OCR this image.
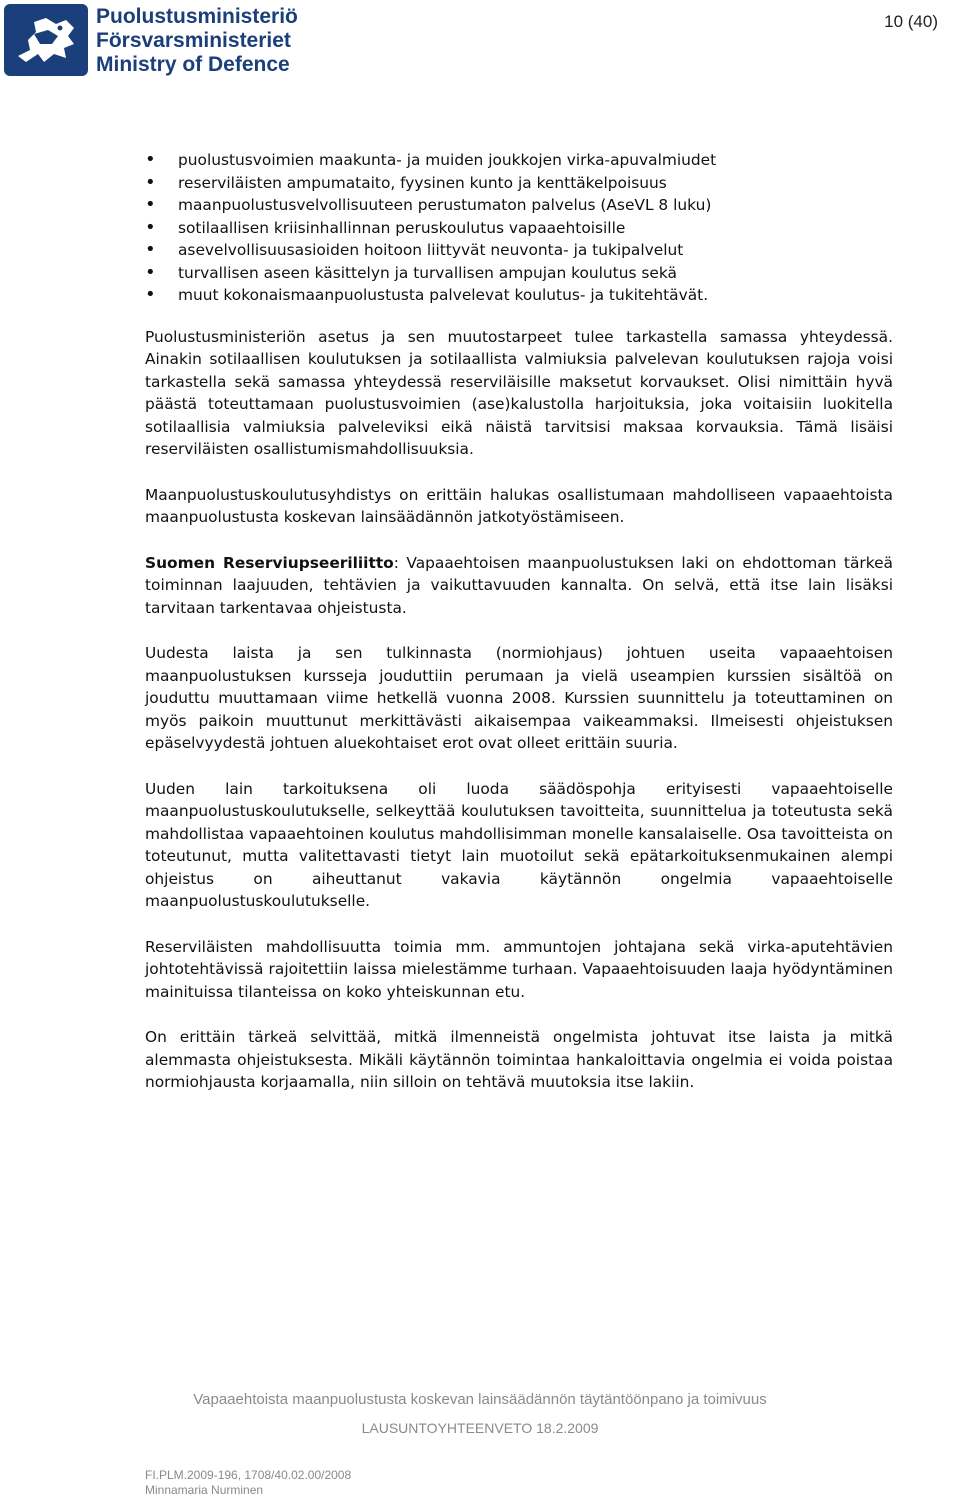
Puolustusministeriö
Försvarsministeriet
Ministry of Defence
10 (40)
• puolustusvoimien maakunta- ja muiden joukkojen virka-apuvalmiudet
• reserviläisten ampumataito, fyysinen kunto ja kenttäkelpoisuus
• maanpuolustusvelvollisuuteen perustumaton palvelus (AseVL 8 luku)
• sotilaallisen kriisinhallinnan peruskoulutus vapaaehtoisille
• asevelvollisuusasioiden hoitoon liittyvät neuvonta- ja tukipalvelut
• turvallisen aseen käsittelyn ja turvallisen ampujan koulutus sekä
• muut kokonaismaanpuolustusta palvelevat koulutus- ja tukitehtävät.

Puolustusministeriön asetus ja sen muutostarpeet tulee tarkastella samassa yhteydessä. Ainakin sotilaallisen koulutuksen ja sotilaallista valmiuksia palvelevan koulutuksen rajoja voisi tarkastella sekä samassa yhteydessä reserviläisille maksetut korvaukset. Olisi nimittäin hyvä päästä toteuttamaan puolustusvoimien (ase)kalustolla harjoituksia, joka voitaisiin luokitella sotilaallisia valmiuksia palveleviksi eikä näistä tarvitsisi maksaa korvauksia. Tämä lisäisi reserviläisten osallistumismahdollisuuksia.

Maanpuolustuskoulutusyhdistys on erittäin halukas osallistumaan mahdolliseen vapaaehtoista maanpuolustusta koskevan lainsäädännön jatkotyöstämiseen.

Suomen Reserviupseeriliitto: Vapaaehtoisen maanpuolustuksen laki on ehdottoman tärkeä toiminnan laajuuden, tehtävien ja vaikuttavuuden kannalta. On selvä, että itse lain lisäksi tarvitaan tarkentavaa ohjeistusta.

Uudesta laista ja sen tulkinnasta (normiohjaus) johtuen useita vapaaehtoisen maanpuolustuksen kursseja jouduttiin perumaan ja vielä useampien kurssien sisältöä on jouduttu muuttamaan viime hetkellä vuonna 2008. Kurssien suunnittelu ja toteuttaminen on myös paikoin muuttunut merkittävästi aikaisempaa vaikeammaksi. Ilmeisesti ohjeistuksen epäselvyydestä johtuen aluekohtaiset erot ovat olleet erittäin suuria.

Uuden lain tarkoituksena oli luoda säädöspohja erityisesti vapaaehtoiselle maanpuolustuskoulutukselle, selkeyttää koulutuksen tavoitteita, suunnittelua ja toteutusta sekä mahdollistaa vapaaehtoinen koulutus mahdollisimman monelle kansalaiselle. Osa tavoitteista on toteutunut, mutta valitettavasti tietyt lain muotoilut sekä epätarkoituksenmukainen alempi ohjeistus on aiheuttanut vakavia käytännön ongelmia vapaaehtoiselle maanpuolustuskoulutukselle.

Reserviläisten mahdollisuutta toimia mm. ammuntojen johtajana sekä virka-aputehtävien johtotehtävissä rajoitettiin laissa mielestämme turhaan. Vapaaehtoisuuden laaja hyödyntäminen mainituissa tilanteissa on koko yhteiskunnan etu.

On erittäin tärkeä selvittää, mitkä ilmenneistä ongelmista johtuvat itse laista ja mitkä alemmasta ohjeistuksesta. Mikäli käytännön toimintaa hankaloittavia ongelmia ei voida poistaa normiohjausta korjaamalla, niin silloin on tehtävä muutoksia itse lakiin.

Vapaaehtoista maanpuolustusta koskevan lainsäädännön täytäntöönpano ja toimivuus
LAUSUNTOYHTEENVETO 18.2.2009
FI.PLM.2009-196, 1708/40.02.00/2008
Minnamaria Nurminen
